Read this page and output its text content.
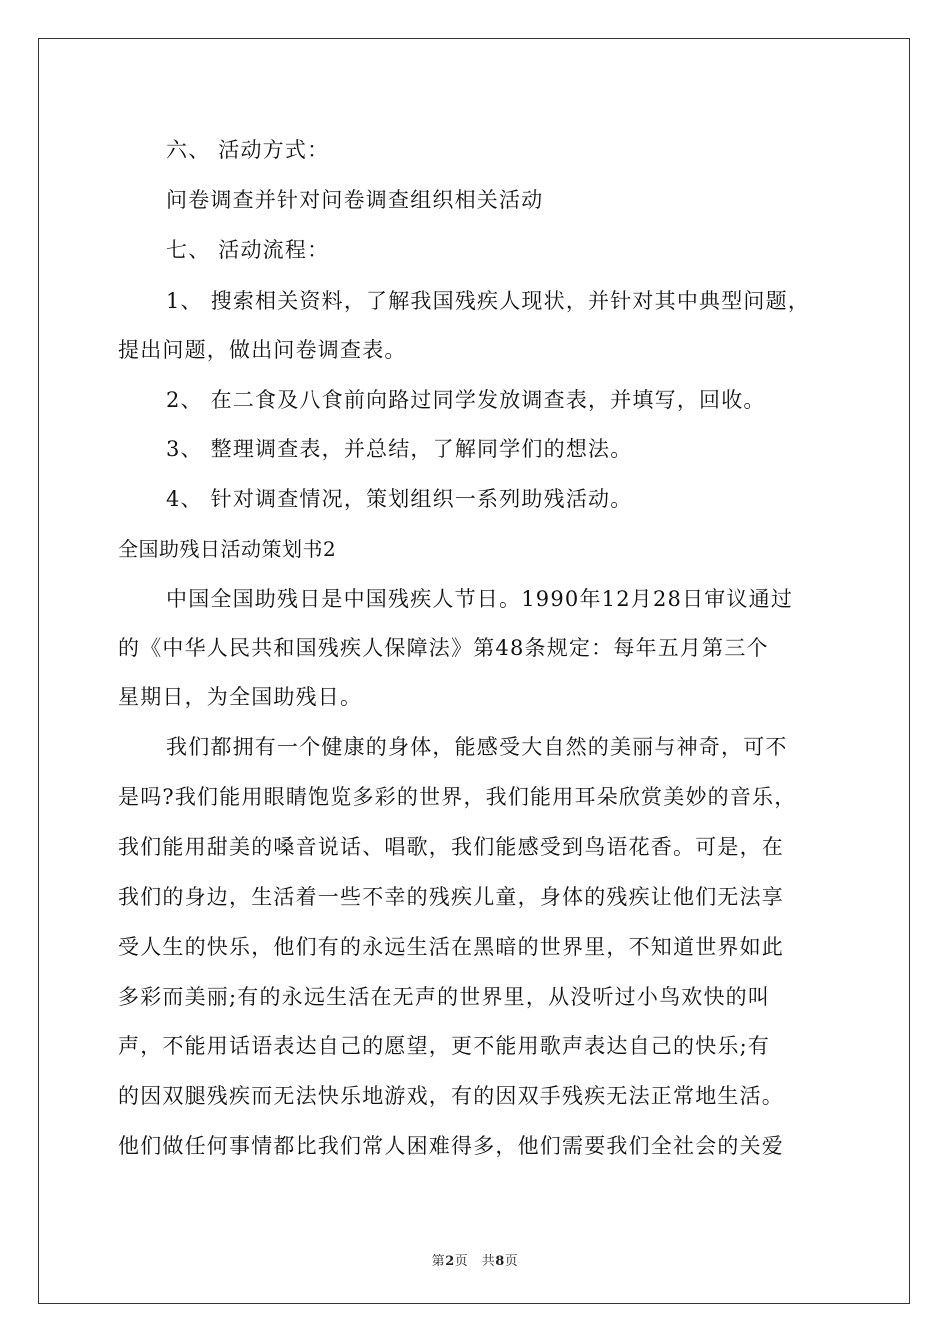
六、 活动方式：
问卷调查并针对问卷调查组织相关活动
七、 活动流程：
1、 搜索相关资料，了解我国残疾人现状，并针对其中典型问题，
提出问题，做出问卷调查表。
2、 在二食及八食前向路过同学发放调查表，并填写，回收。
3、 整理调查表，并总结，了解同学们的想法。
4、 针对调查情况，策划组织一系列助残活动。
全国助残日活动策划书2
中国全国助残日是中国残疾人节日。1990年12月28日审议通过
的《中华人民共和国残疾人保障法》第48条规定：每年五月第三个
星期日，为全国助残日。
我们都拥有一个健康的身体，能感受大自然的美丽与神奇，可不
是吗?我们能用眼睛饱览多彩的世界，我们能用耳朵欣赏美妙的音乐，
我们能用甜美的嗓音说话、唱歌，我们能感受到鸟语花香。可是，在
我们的身边，生活着一些不幸的残疾儿童，身体的残疾让他们无法享
受人生的快乐，他们有的永远生活在黑暗的世界里，不知道世界如此
多彩而美丽;有的永远生活在无声的世界里，从没听过小鸟欢快的叫
声，不能用话语表达自己的愿望，更不能用歌声表达自己的快乐;有
的因双腿残疾而无法快乐地游戏，有的因双手残疾无法正常地生活。
他们做任何事情都比我们常人困难得多，他们需要我们全社会的关爱
第2页　共8页
